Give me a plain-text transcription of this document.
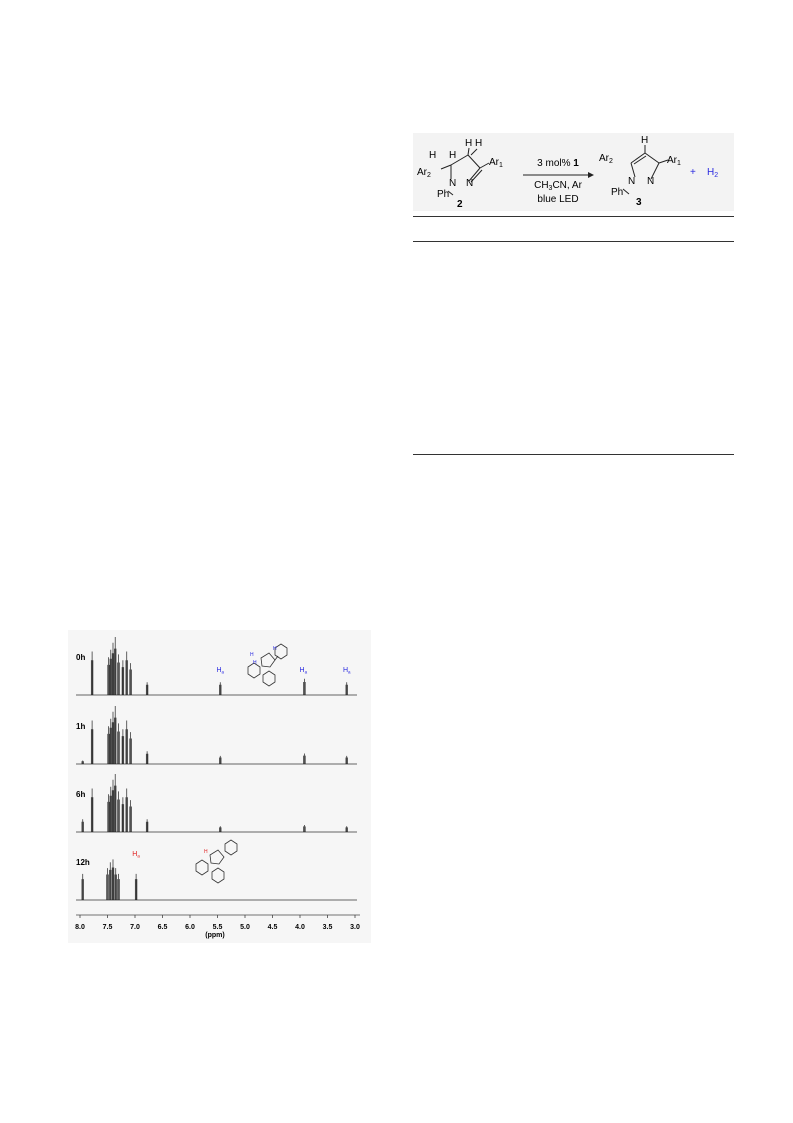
H
H H
H
$Ar_1$
$Ar_2$
N N
Ph
2
3 mol% 1
$CH_3CN$, Ar
blue LED
H
$Ar_1$
$Ar_2$
N N
Ph
3
+ $H_2$
0h
1h
6h
12h
$H_a$	$H_a$	$H_a$
$H_a$
H
H
H
H
8.0	7.5	7.0	6.5	6.0	5.5	5.0	4.5	4.0	3.5	3.0
(ppm)
